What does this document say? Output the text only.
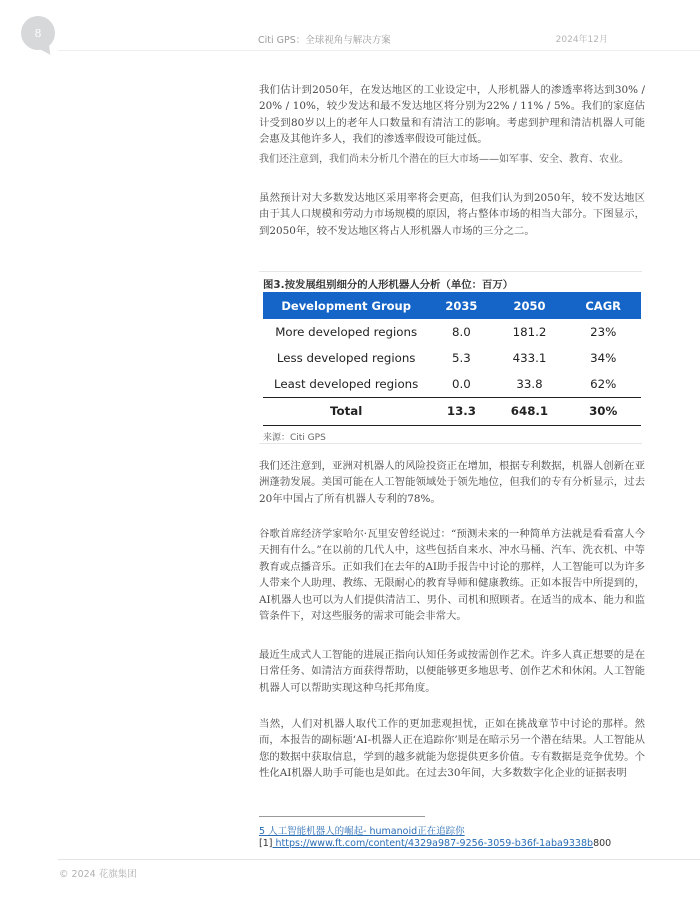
8
Citi GPS：全球视角与解决方案	2024年12月

我们估计到2050年，在发达地区的工业设定中，人形机器人的渗透率将达到30% / 20% / 10%，较少发达和最不发达地区将分别为22% / 11% / 5%。我们的家庭估计受到80岁以上的老年人口数量和有清洁工的影响。考虑到护理和清洁机器人可能会惠及其他许多人，我们的渗透率假设可能过低。

我们还注意到，我们尚未分析几个潜在的巨大市场——如军事、安全、教育、农业。

虽然预计对大多数发达地区采用率将会更高，但我们认为到2050年，较不发达地区由于其人口规模和劳动力市场规模的原因，将占整体市场的相当大部分。下图显示，到2050年，较不发达地区将占人形机器人市场的三分之二。

图3.按发展组别细分的人形机器人分析（单位：百万）
Development Group	2035	2050	CAGR
More developed regions	8.0	181.2	23%
Less developed regions	5.3	433.1	34%
Least developed regions	0.0	33.8	62%
Total	13.3	648.1	30%
来源：Citi GPS

我们还注意到，亚洲对机器人的风险投资正在增加，根据专利数据，机器人创新在亚洲蓬勃发展。美国可能在人工智能领域处于领先地位，但我们的专有分析显示，过去20年中国占了所有机器人专利的78%。

谷歌首席经济学家哈尔·瓦里安曾经说过：“预测未来的一种简单方法就是看看富人今天拥有什么。”在以前的几代人中，这些包括自来水、冲水马桶、汽车、洗衣机、中等教育或点播音乐。正如我们在去年的AI助手报告中讨论的那样，人工智能可以为许多人带来个人助理、教练、无限耐心的教育导师和健康教练。正如本报告中所提到的，AI机器人也可以为人们提供清洁工、男仆、司机和照顾者。在适当的成本、能力和监管条件下，对这些服务的需求可能会非常大。

最近生成式人工智能的进展正指向认知任务或按需创作艺术。许多人真正想要的是在日常任务、如清洁方面获得帮助，以便能够更多地思考、创作艺术和休闲。人工智能机器人可以帮助实现这种乌托邦角度。

当然，人们对机器人取代工作的更加悲观担忧，正如在挑战章节中讨论的那样。然而，本报告的副标题‘AI-机器人正在追踪你’则是在暗示另一个潜在结果。人工智能从您的数据中获取信息，学到的越多就能为您提供更多价值。专有数据是竞争优势。个性化AI机器人助手可能也是如此。在过去30年间，大多数数字化企业的证据表明

5 人工智能机器人的崛起- humanoid正在追踪你
[1] https://www.ft.com/content/4329a987-9256-3059-b36f-1aba9338b800
© 2024 花旗集团
